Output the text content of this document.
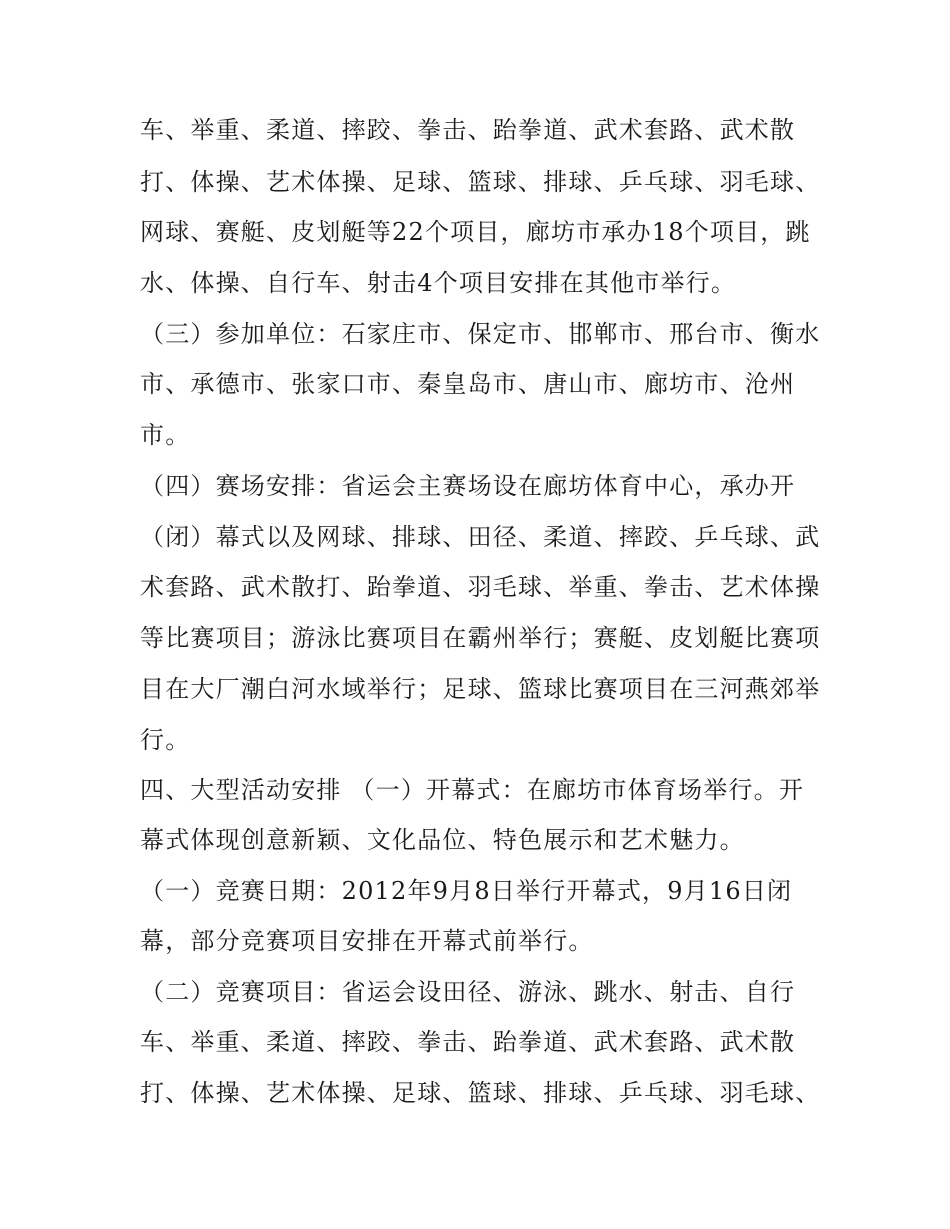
车、举重、柔道、摔跤、拳击、跆拳道、武术套路、武术散
打、体操、艺术体操、足球、篮球、排球、乒乓球、羽毛球、
网球、赛艇、皮划艇等22个项目，廊坊市承办18个项目，跳
水、体操、自行车、射击4个项目安排在其他市举行。
（三）参加单位：石家庄市、保定市、邯郸市、邢台市、衡水
市、承德市、张家口市、秦皇岛市、唐山市、廊坊市、沧州
市。
（四）赛场安排：省运会主赛场设在廊坊体育中心，承办开
（闭）幕式以及网球、排球、田径、柔道、摔跤、乒乓球、武
术套路、武术散打、跆拳道、羽毛球、举重、拳击、艺术体操
等比赛项目；游泳比赛项目在霸州举行；赛艇、皮划艇比赛项
目在大厂潮白河水域举行；足球、篮球比赛项目在三河燕郊举
行。
四、大型活动安排 （一）开幕式：在廊坊市体育场举行。开
幕式体现创意新颖、文化品位、特色展示和艺术魅力。
（一）竞赛日期：2012年9月8日举行开幕式，9月16日闭
幕，部分竞赛项目安排在开幕式前举行。
（二）竞赛项目：省运会设田径、游泳、跳水、射击、自行
车、举重、柔道、摔跤、拳击、跆拳道、武术套路、武术散
打、体操、艺术体操、足球、篮球、排球、乒乓球、羽毛球、
